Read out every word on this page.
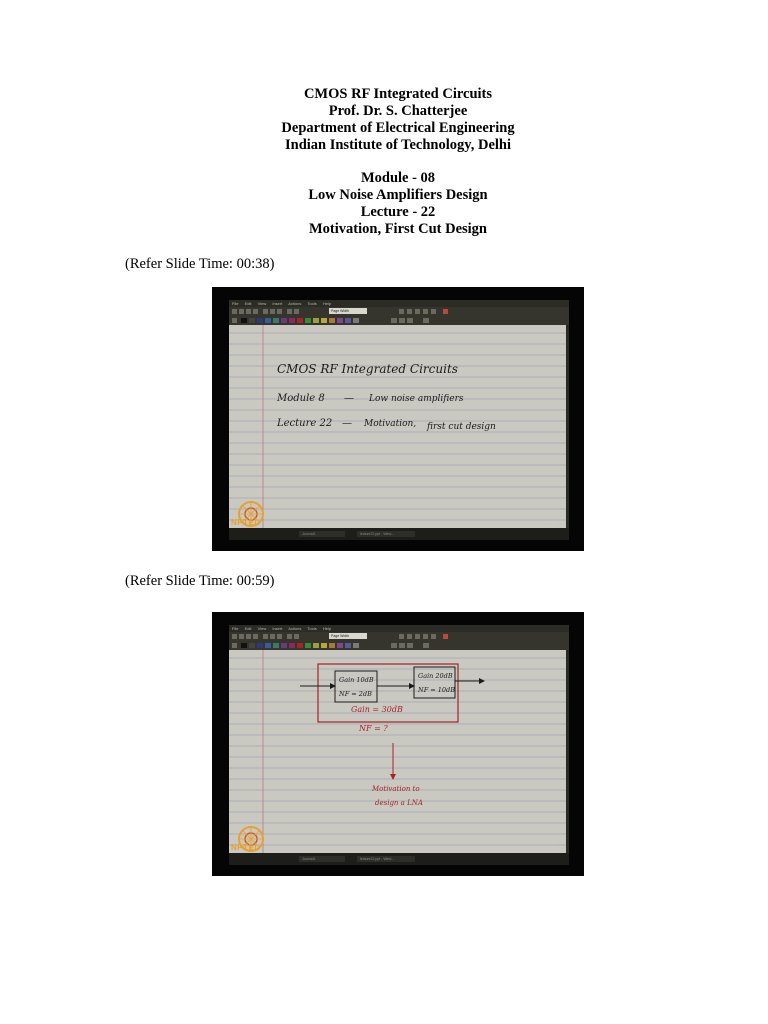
CMOS RF Integrated Circuits
Prof. Dr. S. Chatterjee
Department of Electrical Engineering
Indian Institute of Technology, Delhi
Module - 08
Low Noise Amplifiers Design
Lecture - 22
Motivation, First Cut Design
(Refer Slide Time: 00:38)
File Edit View Insert Actions Tools Help
Page Width
CMOS RF Integrated Circuits
Module 8 — Low noise amplifiers
Lecture 22 — Motivation, first cut design
1/11
NPTEL
Journal1	lecture22.ppt - Wind...
(Refer Slide Time: 00:59)
File Edit View Insert Actions Tools Help
Page Width
Gain 10dB
NF = 2dB
Gain 20dB
NF = 10dB
Gain = 30dB
NF = ?
Motivation to
design a LNA
2/11
NPTEL
Journal1	lecture22.ppt - Wind...
